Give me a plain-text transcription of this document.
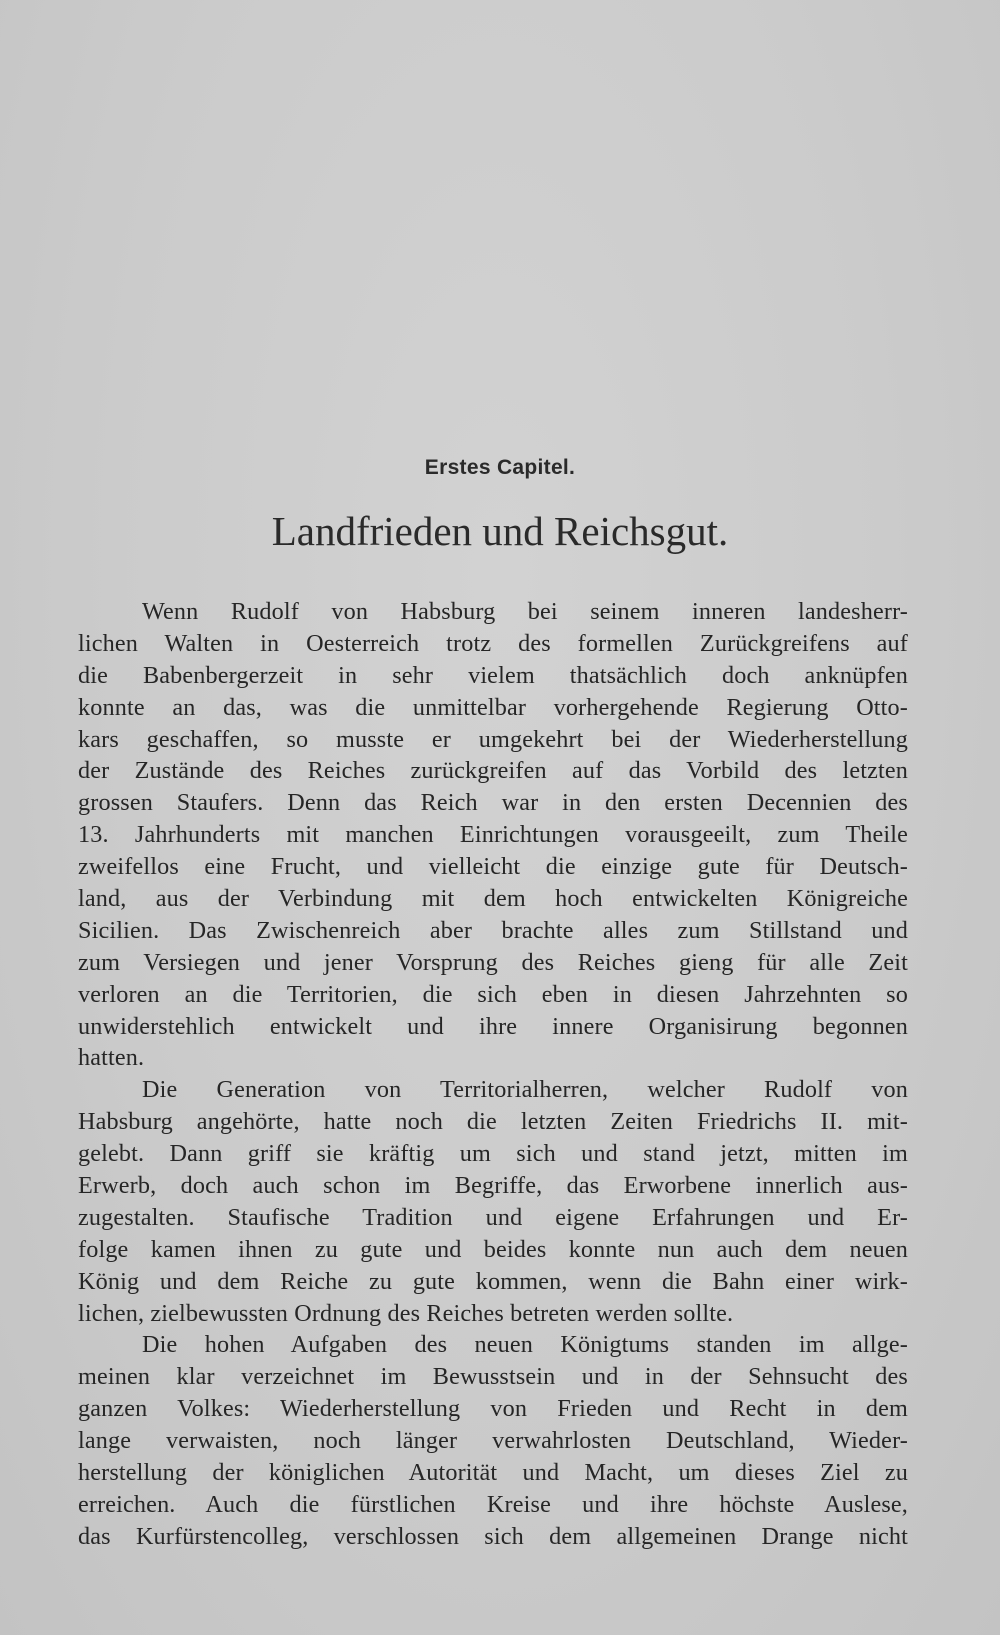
Erstes Capitel.
Landfrieden und Reichsgut.
Wenn Rudolf von Habsburg bei seinem inneren landesherr-
lichen Walten in Oesterreich trotz des formellen Zurückgreifens auf
die Babenbergerzeit in sehr vielem thatsächlich doch anknüpfen
konnte an das, was die unmittelbar vorhergehende Regierung Otto-
kars geschaffen, so musste er umgekehrt bei der Wiederherstellung
der Zustände des Reiches zurückgreifen auf das Vorbild des letzten
grossen Staufers. Denn das Reich war in den ersten Decennien des
13. Jahrhunderts mit manchen Einrichtungen vorausgeeilt, zum Theile
zweifellos eine Frucht, und vielleicht die einzige gute für Deutsch-
land, aus der Verbindung mit dem hoch entwickelten Königreiche
Sicilien. Das Zwischenreich aber brachte alles zum Stillstand und
zum Versiegen und jener Vorsprung des Reiches gieng für alle Zeit
verloren an die Territorien, die sich eben in diesen Jahrzehnten so
unwiderstehlich entwickelt und ihre innere Organisirung begonnen
hatten.
Die Generation von Territorialherren, welcher Rudolf von
Habsburg angehörte, hatte noch die letzten Zeiten Friedrichs II. mit-
gelebt. Dann griff sie kräftig um sich und stand jetzt, mitten im
Erwerb, doch auch schon im Begriffe, das Erworbene innerlich aus-
zugestalten. Staufische Tradition und eigene Erfahrungen und Er-
folge kamen ihnen zu gute und beides konnte nun auch dem neuen
König und dem Reiche zu gute kommen, wenn die Bahn einer wirk-
lichen, zielbewussten Ordnung des Reiches betreten werden sollte.
Die hohen Aufgaben des neuen Königtums standen im allge-
meinen klar verzeichnet im Bewusstsein und in der Sehnsucht des
ganzen Volkes: Wiederherstellung von Frieden und Recht in dem
lange verwaisten, noch länger verwahrlosten Deutschland, Wieder-
herstellung der königlichen Autorität und Macht, um dieses Ziel zu
erreichen. Auch die fürstlichen Kreise und ihre höchste Auslese,
das Kurfürstencolleg, verschlossen sich dem allgemeinen Drange nicht
